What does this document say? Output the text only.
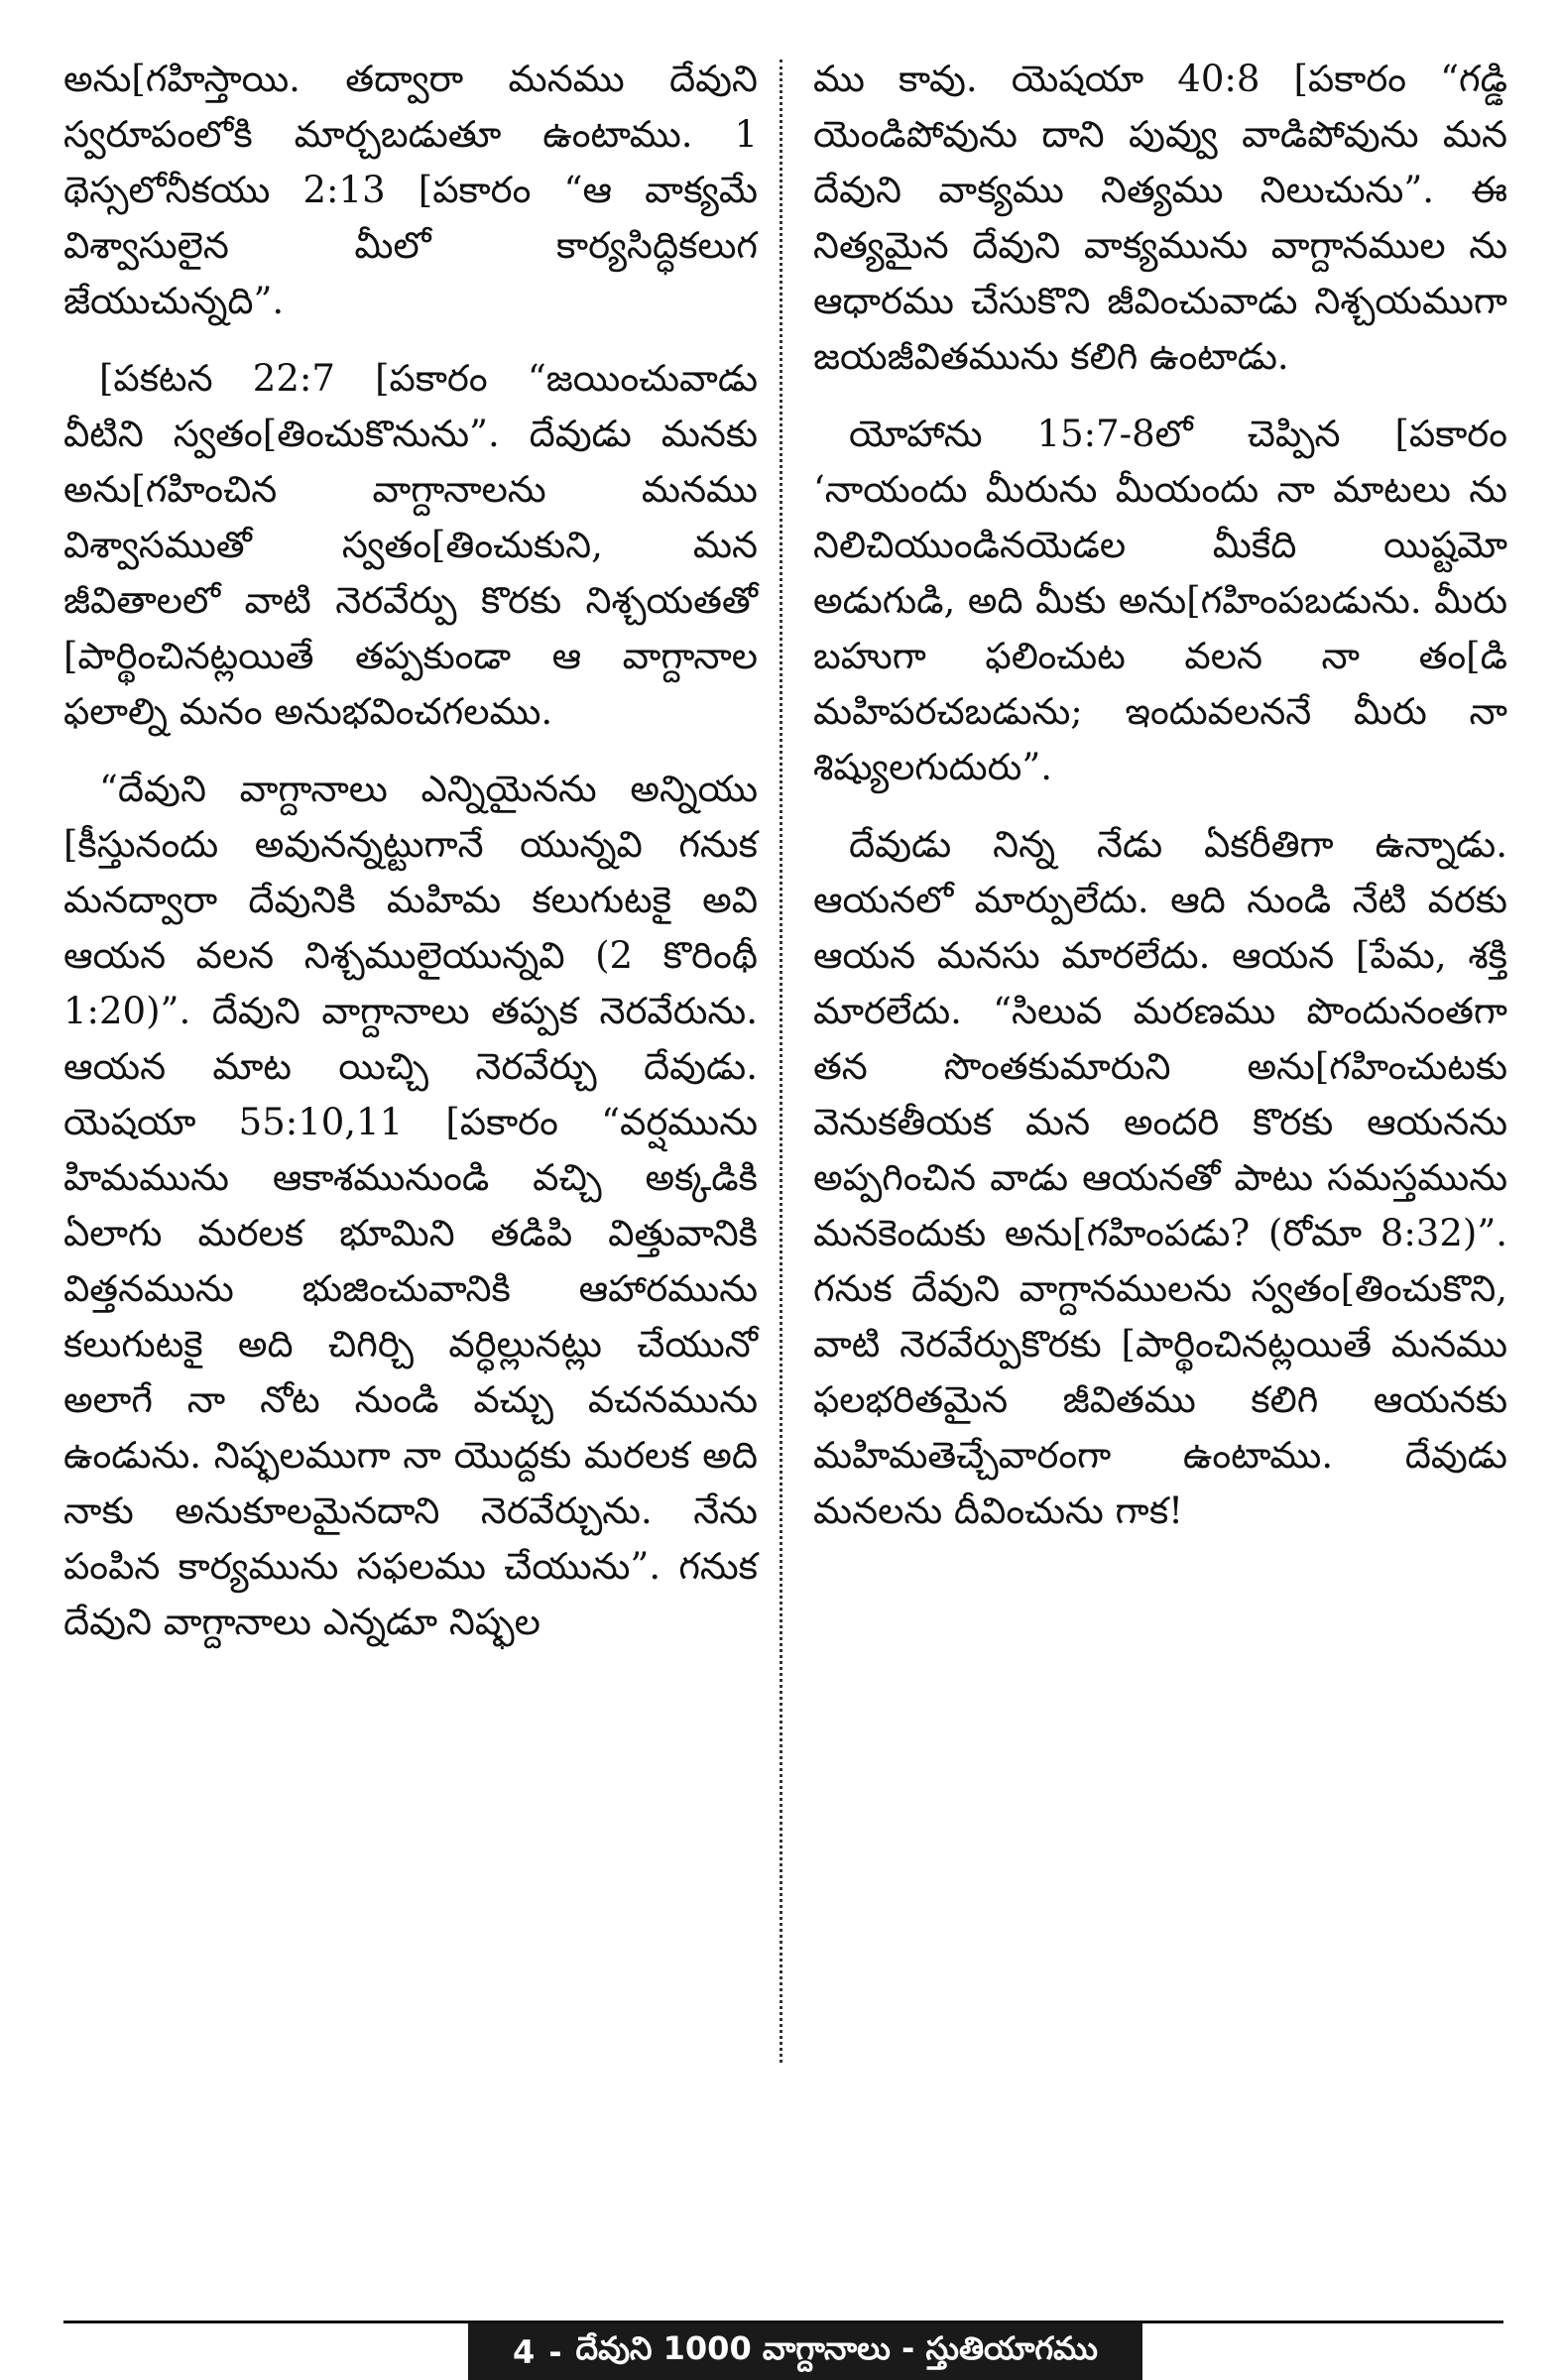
అను[గహిస్తాయి. తద్వారా మనము దేవుని స్వరూపంలోకి మార్చబడుతూ ఉంటాము. 1 థెస్సలోనీకయు 2:13 [పకారం “ఆ వాక్యమే విశ్వాసులైన మీలో కార్యసిద్ధికలుగ జేయుచున్నది”.

[పకటన 22:7 [పకారం “జయించువాడు వీటిని స్వతం[తించుకొనును”. దేవుడు మనకు అను[గహించిన వాగ్దానాలను మనము విశ్వాసముతో స్వతం[తించుకుని, మన జీవితాలలో వాటి నెరవేర్పు కొరకు నిశ్చయతతో [పార్థించినట్లయితే తప్పకుండా ఆ వాగ్దానాల ఫలాల్ని మనం అనుభవించగలము.

“దేవుని వాగ్దానాలు ఎన్నియైనను అన్నియు [కీస్తునందు అవునన్నట్టుగానే యున్నవి గనుక మనద్వారా దేవునికి మహిమ కలుగుటకై అవి ఆయన వలన నిశ్చములైయున్నవి (2 కొరింథీ 1:20)”. దేవుని వాగ్దానాలు తప్పక నెరవేరును. ఆయన మాట యిచ్చి నెరవేర్చు దేవుడు. యెషయా 55:10,11 [పకారం “వర్షమును హిమమును ఆకాశమునుండి వచ్చి అక్కడికి ఏలాగు మరలక భూమిని తడిపి విత్తువానికి విత్తనమును భుజించువానికి ఆహారమును కలుగుటకై అది చిగిర్చి వర్ధిల్లునట్లు చేయునో అలాగే నా నోట నుండి వచ్చు వచనమును ఉండును. నిష్ఫలముగా నా యొద్దకు మరలక అది నాకు అనుకూలమైనదాని నెరవేర్చును. నేను పంపిన కార్యమును సఫలము చేయును”. గనుక దేవుని వాగ్దానాలు ఎన్నడూ నిష్ఫల

ము కావు. యెషయా 40:8 [పకారం “గడ్డి యెండిపోవును దాని పువ్వు వాడిపోవును మన దేవుని వాక్యము నిత్యము నిలుచును”. ఈ నిత్యమైన దేవుని వాక్యమును వాగ్దానముల ను ఆధారము చేసుకొని జీవించువాడు నిశ్చయముగా జయజీవితమును కలిగి ఉంటాడు.

యోహాను 15:7-8లో చెప్పిన [పకారం ‘నాయందు మీరును మీయందు నా మాటలు ను నిలిచియుండినయెడల మీకేది యిష్టమో అడుగుడి, అది మీకు అను[గహింపబడును. మీరు బహుగా ఫలించుట వలన నా తం[డి మహిపరచబడును; ఇందువలననే మీరు నా శిష్యులగుదురు”.

దేవుడు నిన్న నేడు ఏకరీతిగా ఉన్నాడు. ఆయనలో మార్పులేదు. ఆది నుండి నేటి వరకు ఆయన మనసు మారలేదు. ఆయన [పేమ, శక్తి మారలేదు. “సిలువ మరణము పొందునంతగా తన సొంతకుమారుని అను[గహించుటకు వెనుకతీయక మన అందరి కొరకు ఆయనను అప్పగించిన వాడు ఆయనతో పాటు సమస్తమును మనకెందుకు అను[గహింపడు? (రోమా 8:32)”. గనుక దేవుని వాగ్దానములను స్వతం[తించుకొని, వాటి నెరవేర్పుకొరకు [పార్థించినట్లయితే మనము ఫలభరితమైన జీవితము కలిగి ఆయనకు మహిమతెచ్చేవారంగా ఉంటాము. దేవుడు మనలను దీవించును గాక!

4 - దేవుని 1000 వాగ్దానాలు - స్తుతియాగము
